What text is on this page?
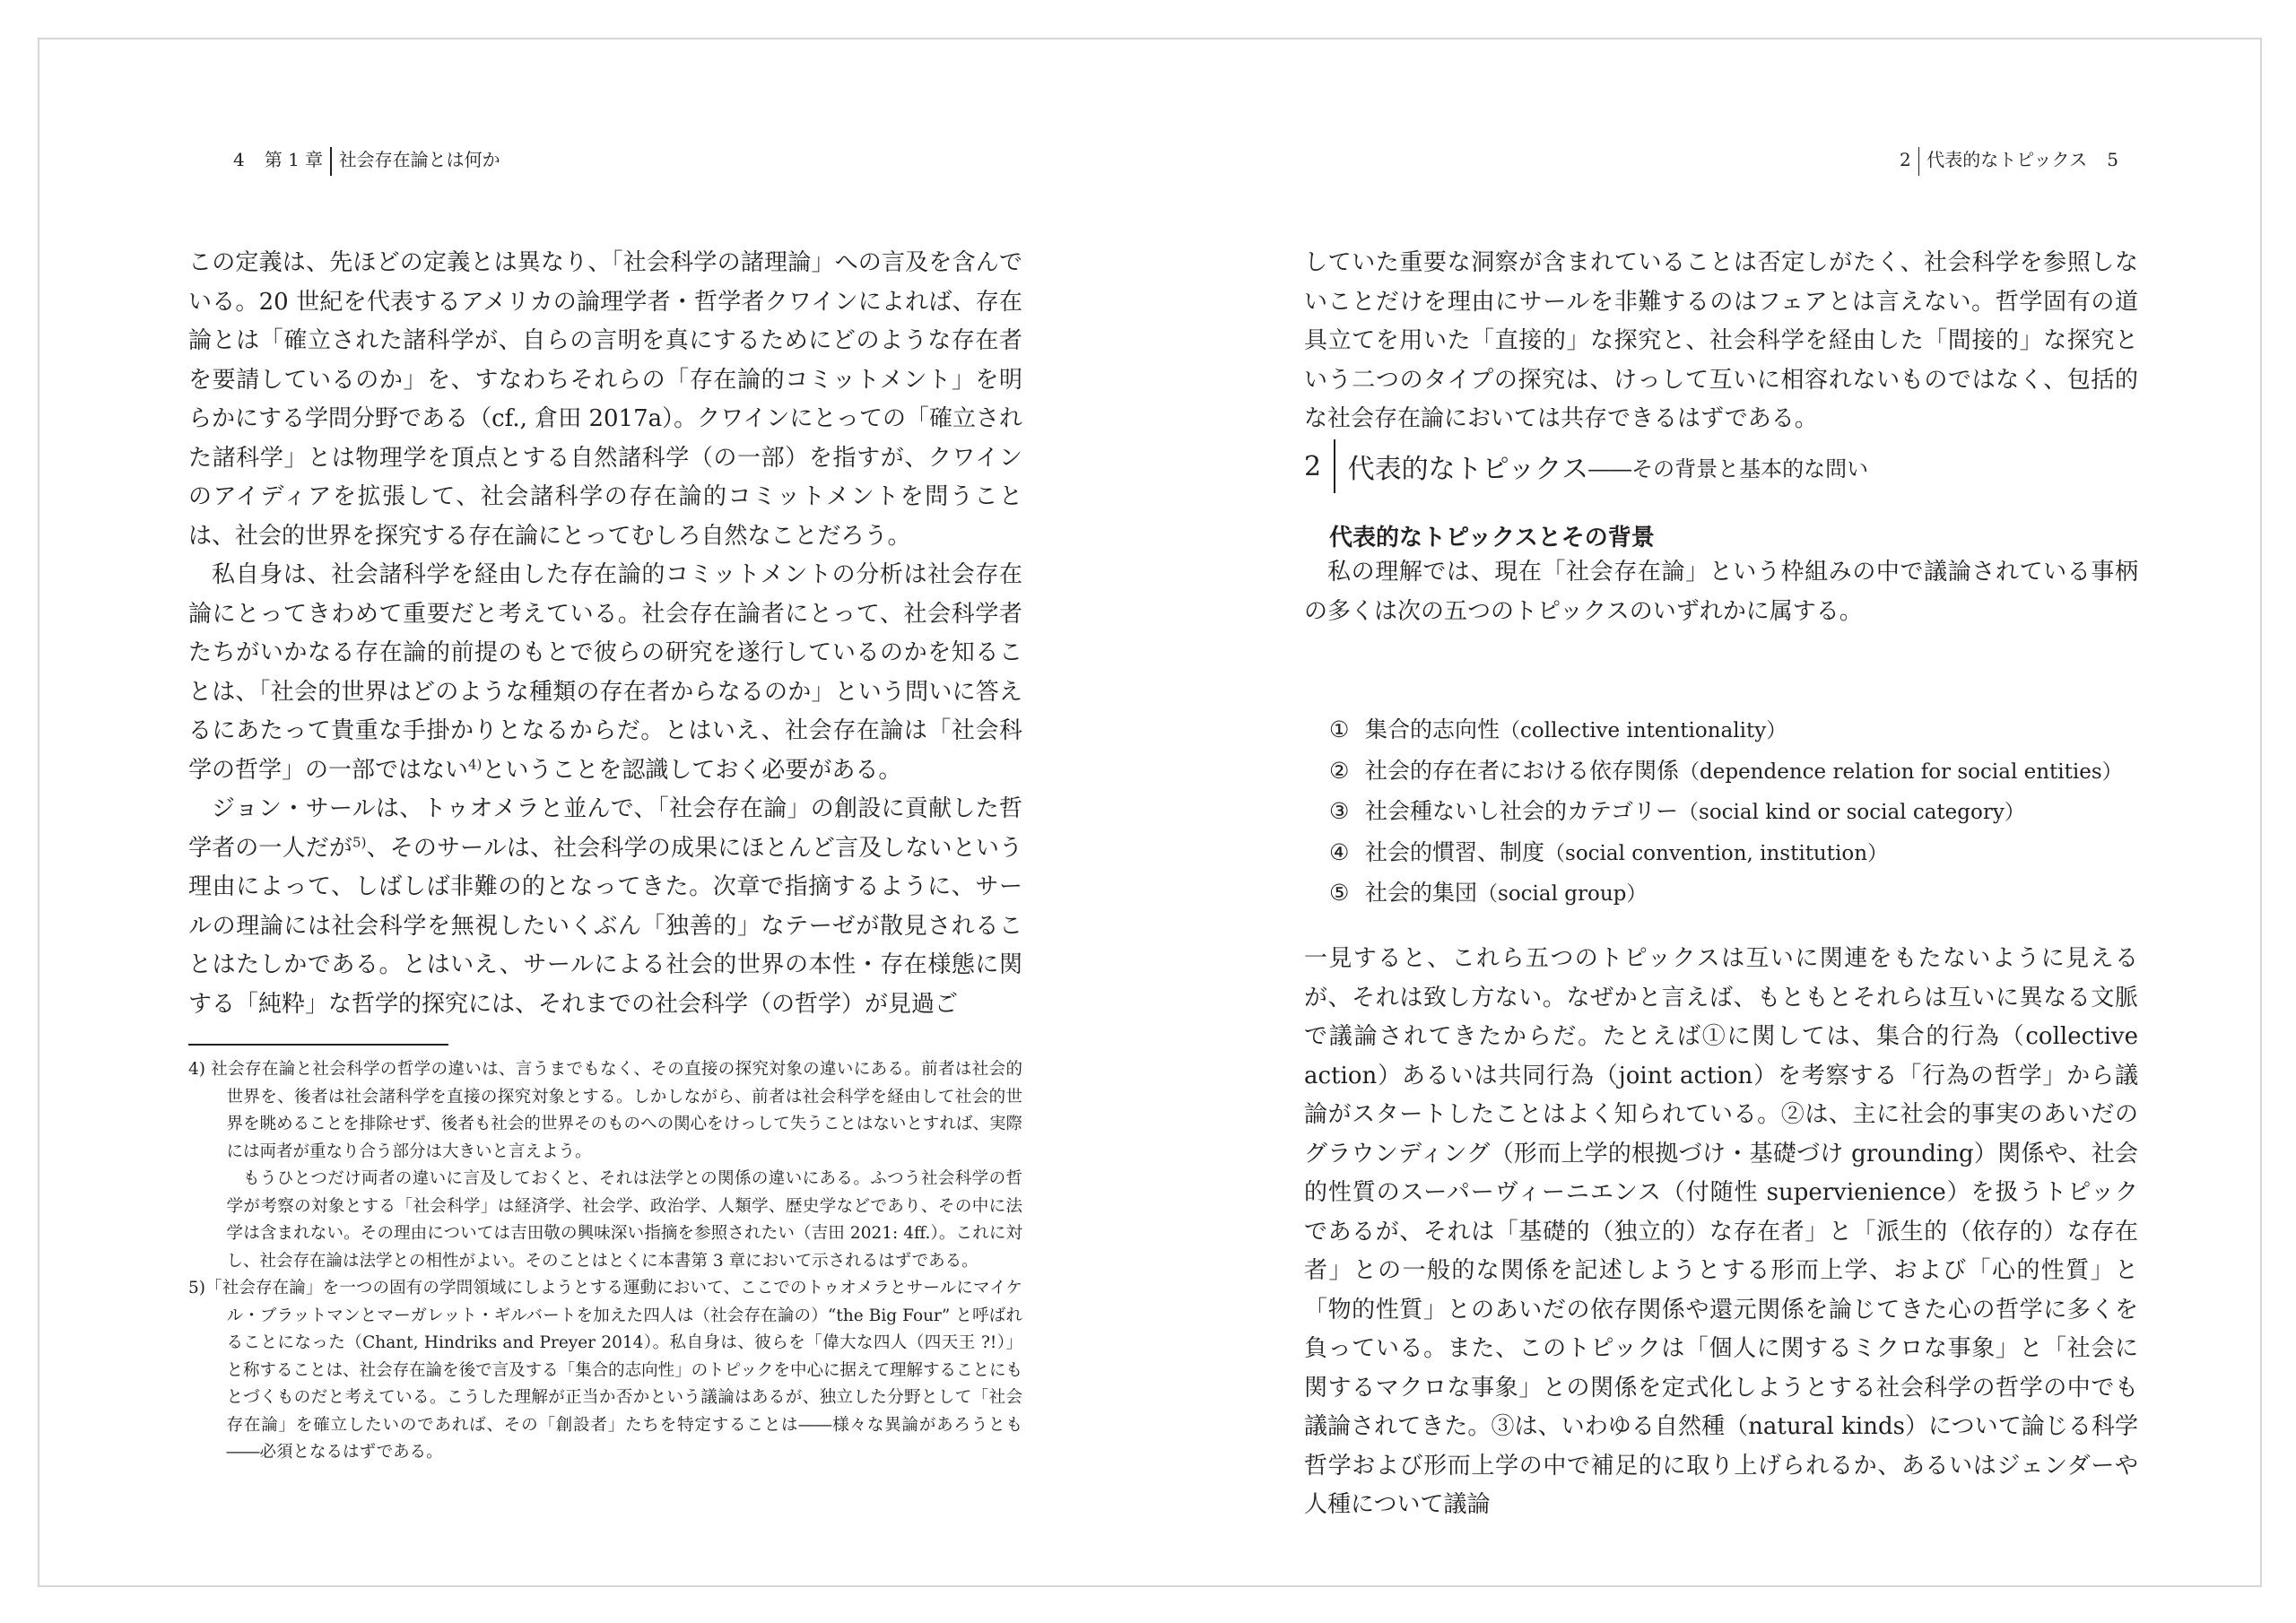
4 第 1 章 社会存在論とは何か

この定義は、先ほどの定義とは異なり、「社会科学の諸理論」への言及を含んでいる。20 世紀を代表するアメリカの論理学者・哲学者クワインによれば、存在論とは「確立された諸科学が、自らの言明を真にするためにどのような存在者を要請しているのか」を、すなわちそれらの「存在論的コミットメント」を明らかにする学問分野である（cf., 倉田 2017a）。クワインにとっての「確立された諸科学」とは物理学を頂点とする自然諸科学（の一部）を指すが、クワインのアイディアを拡張して、社会諸科学の存在論的コミットメントを問うことは、社会的世界を探究する存在論にとってむしろ自然なことだろう。

私自身は、社会諸科学を経由した存在論的コミットメントの分析は社会存在論にとってきわめて重要だと考えている。社会存在論者にとって、社会科学者たちがいかなる存在論的前提のもとで彼らの研究を遂行しているのかを知ることは、「社会的世界はどのような種類の存在者からなるのか」という問いに答えるにあたって貴重な手掛かりとなるからだ。とはいえ、社会存在論は「社会科学の哲学」の一部ではない$^{4)}$ということを認識しておく必要がある。

ジョン・サールは、トゥオメラと並んで、「社会存在論」の創設に貢献した哲学者の一人だが$^{5)}$、そのサールは、社会科学の成果にほとんど言及しないという理由によって、しばしば非難の的となってきた。次章で指摘するように、サールの理論には社会科学を無視したいくぶん「独善的」なテーゼが散見されることはたしかである。とはいえ、サールによる社会的世界の本性・存在様態に関する「純粋」な哲学的探究には、それまでの社会科学（の哲学）が見過ご

4) 社会存在論と社会科学の哲学の違いは、言うまでもなく、その直接の探究対象の違いにある。前者は社会的世界を、後者は社会諸科学を直接の探究対象とする。しかしながら、前者は社会科学を経由して社会的世界を眺めることを排除せず、後者も社会的世界そのものへの関心をけっして失うことはないとすれば、実際には両者が重なり合う部分は大きいと言えよう。

もうひとつだけ両者の違いに言及しておくと、それは法学との関係の違いにある。ふつう社会科学の哲学が考察の対象とする「社会科学」は経済学、社会学、政治学、人類学、歴史学などであり、その中に法学は含まれない。その理由については吉田敬の興味深い指摘を参照されたい（吉田 2021: 4ff.）。これに対し、社会存在論は法学との相性がよい。そのことはとくに本書第 3 章において示されるはずである。

5)「社会存在論」を一つの固有の学問領域にしようとする運動において、ここでのトゥオメラとサールにマイケル・ブラットマンとマーガレット・ギルバートを加えた四人は（社会存在論の）“the Big Four” と呼ばれることになった（Chant, Hindriks and Preyer 2014）。私自身は、彼らを「偉大な四人（四天王 ?!）」と称することは、社会存在論を後で言及する「集合的志向性」のトピックを中心に据えて理解することにもとづくものだと考えている。こうした理解が正当か否かという議論はあるが、独立した分野として「社会存在論」を確立したいのであれば、その「創設者」たちを特定することは――様々な異論があろうとも――必須となるはずである。

2 代表的なトピックス 5

していた重要な洞察が含まれていることは否定しがたく、社会科学を参照しないことだけを理由にサールを非難するのはフェアとは言えない。哲学固有の道具立てを用いた「直接的」な探究と、社会科学を経由した「間接的」な探究という二つのタイプの探究は、けっして互いに相容れないものではなく、包括的な社会存在論においては共存できるはずである。

2 代表的なトピックス ――その背景と基本的な問い
代表的なトピックスとその背景

私の理解では、現在「社会存在論」という枠組みの中で議論されている事柄の多くは次の五つのトピックスのいずれかに属する。

① 集合的志向性（collective intentionality）
② 社会的存在者における依存関係（dependence relation for social entities）
③ 社会種ないし社会的カテゴリー（social kind or social category）
④ 社会的慣習、制度（social convention, institution）
⑤ 社会的集団（social group）

一見すると、これら五つのトピックスは互いに関連をもたないように見えるが、それは致し方ない。なぜかと言えば、もともとそれらは互いに異なる文脈で議論されてきたからだ。たとえば①に関しては、集合的行為（collective action）あるいは共同行為（joint action）を考察する「行為の哲学」から議論がスタートしたことはよく知られている。②は、主に社会的事実のあいだのグラウンディング（形而上学的根拠づけ・基礎づけ grounding）関係や、社会的性質のスーパーヴィーニエンス（付随性 supervienience）を扱うトピックであるが、それは「基礎的（独立的）な存在者」と「派生的（依存的）な存在者」との一般的な関係を記述しようとする形而上学、および「心的性質」と「物的性質」とのあいだの依存関係や還元関係を論じてきた心の哲学に多くを負っている。また、このトピックは「個人に関するミクロな事象」と「社会に関するマクロな事象」との関係を定式化しようとする社会科学の哲学の中でも議論されてきた。③は、いわゆる自然種（natural kinds）について論じる科学哲学および形而上学の中で補足的に取り上げられるか、あるいはジェンダーや人種について議論
